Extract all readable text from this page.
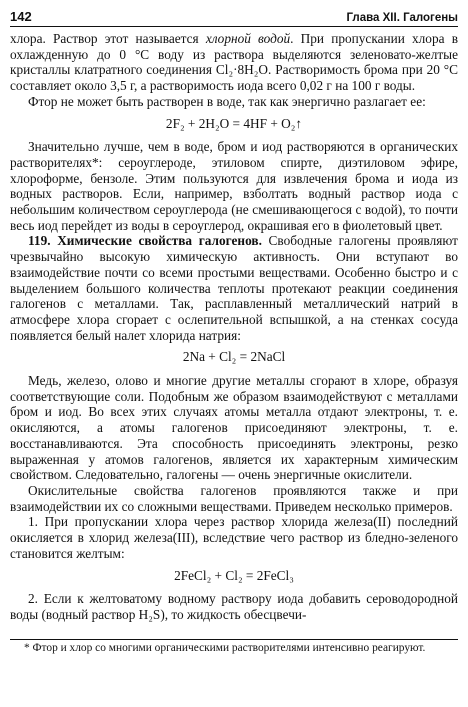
142	Глава XII. Галогены

хлора. Раствор этот называется хлорной водой. При пропускании хлора в охлажденную до 0 °С воду из раствора выделяются зеленовато-желтые кристаллы клатратного соединения Cl₂·8H₂O. Растворимость брома при 20 °С составляет около 3,5 г, а растворимость иода всего 0,02 г на 100 г воды.

Фтор не может быть растворен в воде, так как энергично разлагает ее:

2F₂ + 2H₂O = 4HF + O₂↑

Значительно лучше, чем в воде, бром и иод растворяются в органических растворителях*: сероуглероде, этиловом спирте, диэтиловом эфире, хлороформе, бензоле. Этим пользуются для извлечения брома и иода из водных растворов. Если, например, взболтать водный раствор иода с небольшим количеством сероуглерода (не смешивающегося с водой), то почти весь иод перейдет из воды в сероуглерод, окрашивая его в фиолетовый цвет.

119. Химические свойства галогенов. Свободные галогены проявляют чрезвычайно высокую химическую активность. Они вступают во взаимодействие почти со всеми простыми веществами. Особенно быстро и с выделением большого количества теплоты протекают реакции соединения галогенов с металлами. Так, расплавленный металлический натрий в атмосфере хлора сгорает с ослепительной вспышкой, а на стенках сосуда появляется белый налет хлорида натрия:

2Na + Cl₂ = 2NaCl

Медь, железо, олово и многие другие металлы сгорают в хлоре, образуя соответствующие соли. Подобным же образом взаимодействуют с металлами бром и иод. Во всех этих случаях атомы металла отдают электроны, т. е. окисляются, а атомы галогенов присоединяют электроны, т. е. восстанавливаются. Эта способность присоединять электроны, резко выраженная у атомов галогенов, является их характерным химическим свойством. Следовательно, галогены — очень энергичные окислители.

Окислительные свойства галогенов проявляются также и при взаимодействии их со сложными веществами. Приведем несколько примеров.

1. При пропускании хлора через раствор хлорида железа(II) последний окисляется в хлорид железа(III), вследствие чего раствор из бледно-зеленого становится желтым:

2FeCl₂ + Cl₂ = 2FeCl₃

2. Если к желтоватому водному раствору иода добавить сероводородной воды (водный раствор H₂S), то жидкость обесцвечи-

* Фтор и хлор со многими органическими растворителями интенсивно реагируют.
